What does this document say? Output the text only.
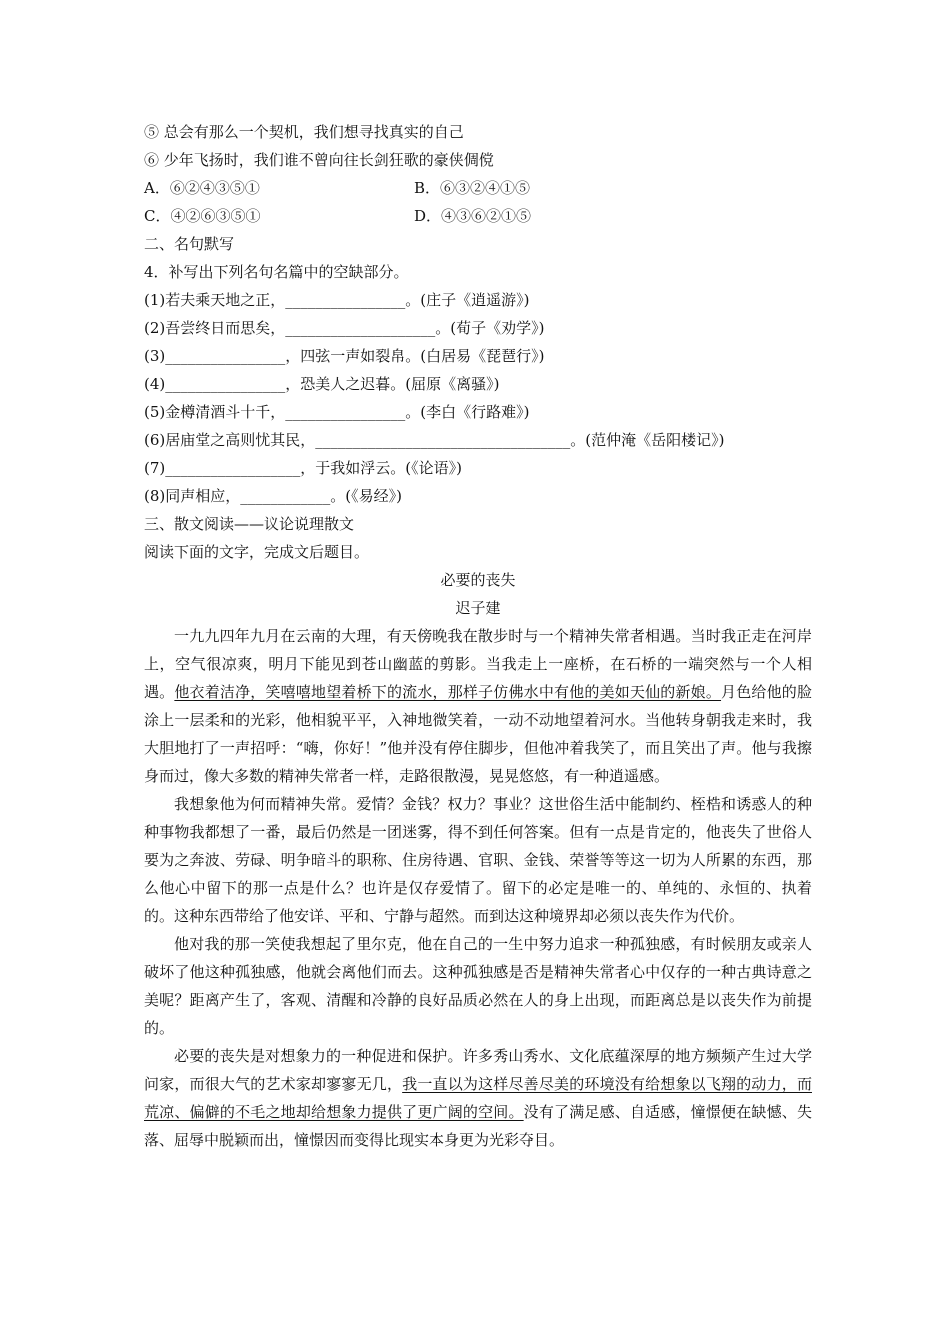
⑤ 总会有那么一个契机，我们想寻找真实的自己
⑥ 少年飞扬时，我们谁不曾向往长剑狂歌的豪侠倜傥
A．⑥②④③⑤①	B．⑥③②④①⑤
C．④②⑥③⑤①	D．④③⑥②①⑤
二、名句默写
4．补写出下列名句名篇中的空缺部分。
(1)若夫乘天地之正，________________。(庄子《逍遥游》)
(2)吾尝终日而思矣，____________________。(荀子《劝学》)
(3)________________，四弦一声如裂帛。(白居易《琵琶行》)
(4)________________，恐美人之迟暮。(屈原《离骚》)
(5)金樽清酒斗十千，________________。(李白《行路难》)
(6)居庙堂之高则忧其民，__________________________________。(范仲淹《岳阳楼记》)
(7)__________________，于我如浮云。(《论语》)
(8)同声相应，____________。(《易经》)
三、散文阅读——议论说理散文
阅读下面的文字，完成文后题目。
必要的丧失
迟子建

一九九四年九月在云南的大理，有天傍晚我在散步时与一个精神失常者相遇。当时我正走在河岸上，空气很凉爽，明月下能见到苍山幽蓝的剪影。当我走上一座桥，在石桥的一端突然与一个人相遇。他衣着洁净，笑嘻嘻地望着桥下的流水，那样子仿佛水中有他的美如天仙的新娘。月色给他的脸涂上一层柔和的光彩，他相貌平平，入神地微笑着，一动不动地望着河水。当他转身朝我走来时，我大胆地打了一声招呼：“嗨，你好！”他并没有停住脚步，但他冲着我笑了，而且笑出了声。他与我擦身而过，像大多数的精神失常者一样，走路很散漫，晃晃悠悠，有一种逍遥感。

我想象他为何而精神失常。爱情？金钱？权力？事业？这世俗生活中能制约、桎梏和诱惑人的种种事物我都想了一番，最后仍然是一团迷雾，得不到任何答案。但有一点是肯定的，他丧失了世俗人要为之奔波、劳碌、明争暗斗的职称、住房待遇、官职、金钱、荣誉等等这一切为人所累的东西，那么他心中留下的那一点是什么？也许是仅存爱情了。留下的必定是唯一的、单纯的、永恒的、执着的。这种东西带给了他安详、平和、宁静与超然。而到达这种境界却必须以丧失作为代价。

他对我的那一笑使我想起了里尔克，他在自己的一生中努力追求一种孤独感，有时候朋友或亲人破坏了他这种孤独感，他就会离他们而去。这种孤独感是否是精神失常者心中仅存的一种古典诗意之美呢？距离产生了，客观、清醒和冷静的良好品质必然在人的身上出现，而距离总是以丧失作为前提的。

必要的丧失是对想象力的一种促进和保护。许多秀山秀水、文化底蕴深厚的地方频频产生过大学问家，而很大气的艺术家却寥寥无几，我一直以为这样尽善尽美的环境没有给想象以飞翔的动力，而荒凉、偏僻的不毛之地却给想象力提供了更广阔的空间。没有了满足感、自适感，憧憬便在缺憾、失落、屈辱中脱颖而出，憧憬因而变得比现实本身更为光彩夺目。
